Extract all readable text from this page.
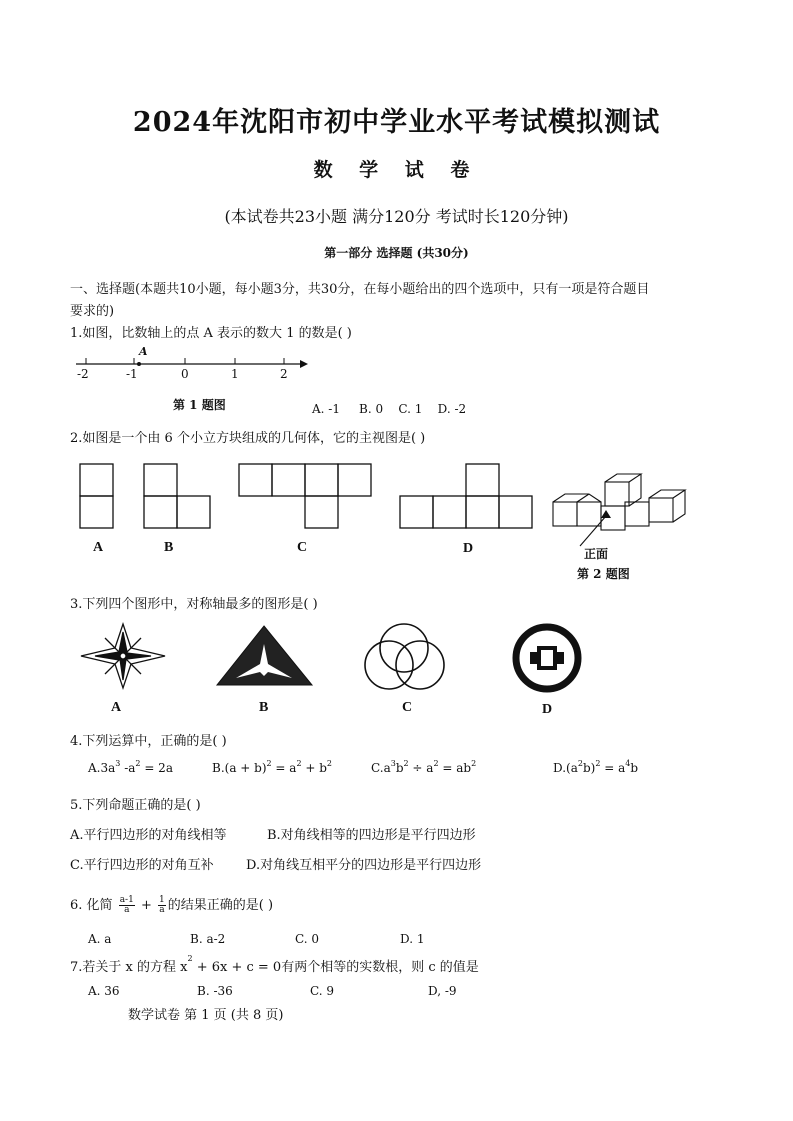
2024年沈阳市初中学业水平考试模拟测试
数 学 试 卷
(本试卷共23小题 满分120分 考试时长120分钟)
第一部分 选择题 (共30分)
一、选择题(本题共10小题，每小题3分，共30分，在每小题给出的四个选项中，只有一项是符合题目
要求的)
1.如图，比数轴上的点 A 表示的数大 1 的数是( )
A
-2	-1	0	1	2
第 1 题图	A. -1     B. 0    C. 1    D. -2
2.如图是一个由 6 个小立方块组成的几何体，它的主视图是( )
A	B	C	D	正面
第 2 题图
3.下列四个图形中，对称轴最多的图形是( )
A	B	C	D
4.下列运算中，正确的是( )
$A.3a^3$ $-a^2 = 2a$	$B.(a + b)^2 = a^2 + b^2$	$C.a^3b^2 \div a^2 = ab^2$	$D.(a^2b)^2 = a^4b$
5.下列命题正确的是( )
A.平行四边形的对角线相等	B.对角线相等的四边形是平行四边形
C.平行四边形的对角互补 D.对角线互相平分的四边形是平行四边形
6. 化简 $\frac{a-1}{a} + \frac{1}{a}$ 的结果正确的是( )
A. a	B. a-2	C. 0	D. 1
7.若关于 x 的方程 $x^2 + 6x + c = 0$有两个相等的实数根，则 c 的值是
A. 36	B. -36	C. 9	D, -9
数学试卷 第 1 页 (共 8 页)
